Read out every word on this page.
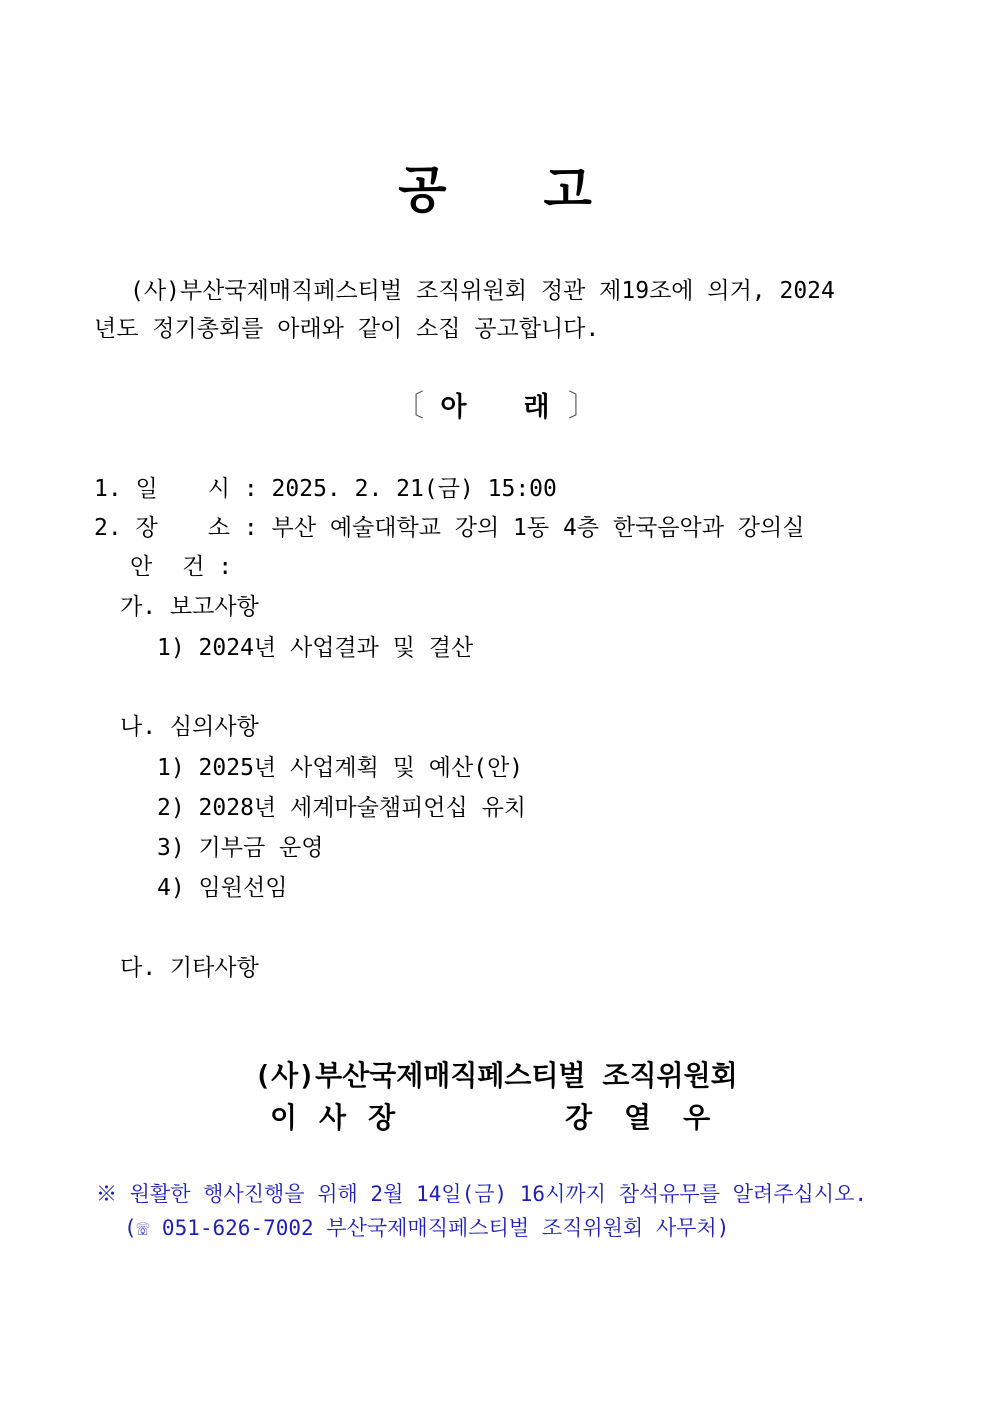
공 고
(사)부산국제매직페스티벌 조직위원회 정관 제19조에 의거, 2024
년도 정기총회를 아래와 같이 소집 공고합니다.
〔 아 래 〕
1. 일 시 : 2025. 2. 21(금) 15:00
2. 장 소 : 부산 예술대학교 강의 1동 4층 한국음악과 강의실
안 건 :
가. 보고사항
1) 2024년 사업결과 및 결산
나. 심의사항
1) 2025년 사업계획 및 예산(안)
2) 2028년 세계마술챔피언십 유치
3) 기부금 운영
4) 임원선임
다. 기타사항
(사)부산국제매직페스티벌 조직위원회
이사장	강열우
※ 원활한 행사진행을 위해 2월 14일(금) 16시까지 참석유무를 알려주십시오.
(☏ 051-626-7002 부산국제매직페스티벌 조직위원회 사무처)
